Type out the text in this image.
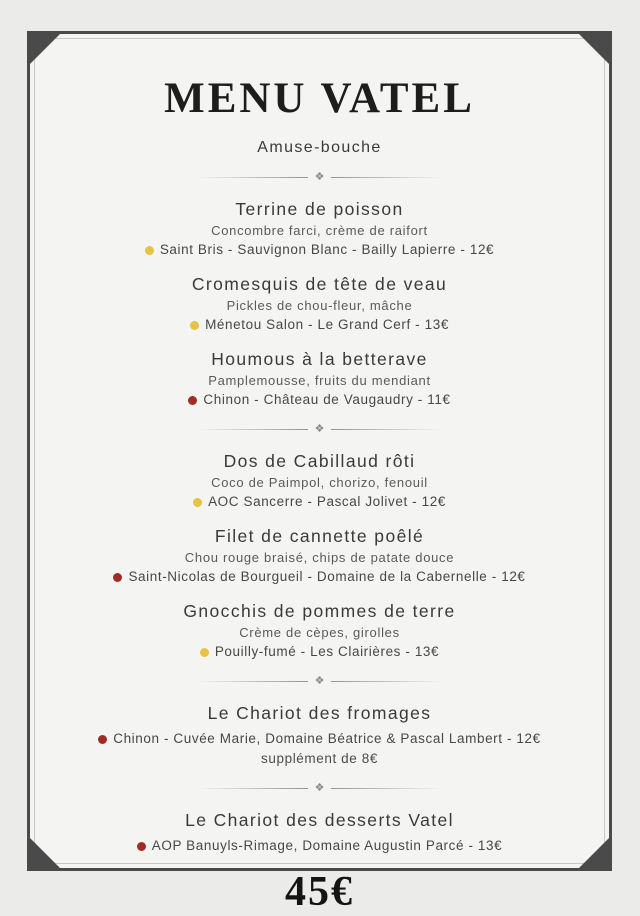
MENU VATEL
Amuse-bouche
❖
Terrine de poisson
Concombre farci, crème de raifort
Saint Bris - Sauvignon Blanc - Bailly Lapierre - 12€
Cromesquis de tête de veau
Pickles de chou-fleur, mâche
Ménetou Salon - Le Grand Cerf - 13€
Houmous à la betterave
Pamplemousse, fruits du mendiant
Chinon - Château de Vaugaudry - 11€
❖
Dos de Cabillaud rôti
Coco de Paimpol, chorizo, fenouil
AOC Sancerre - Pascal Jolivet - 12€
Filet de cannette poêlé
Chou rouge braisé, chips de patate douce
Saint-Nicolas de Bourgueil - Domaine de la Cabernelle - 12€
Gnocchis de pommes de terre
Crème de cèpes, girolles
Pouilly-fumé - Les Clairières - 13€
❖
Le Chariot des fromages
Chinon - Cuvée Marie, Domaine Béatrice & Pascal Lambert - 12€
supplément de 8€
❖
Le Chariot des desserts Vatel
AOP Banuyls-Rimage, Domaine Augustin Parcé - 13€
45€
